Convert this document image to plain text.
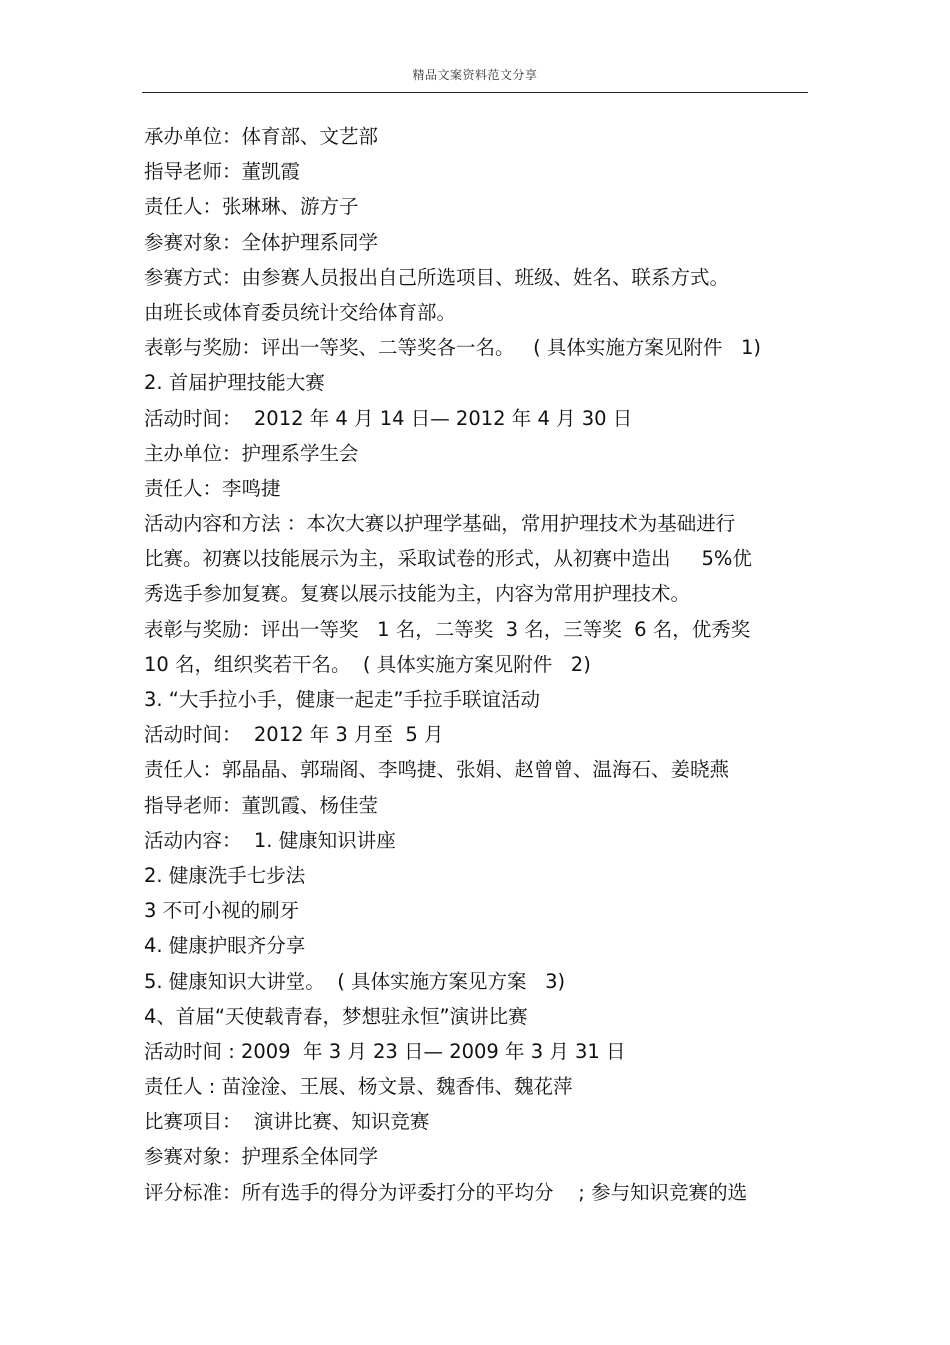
精品文案资料范文分享
承办单位：体育部、文艺部
指导老师：董凯霞
责任人：张琳琳、游方子
参赛对象：全体护理系同学
参赛方式：由参赛人员报出自己所选项目、班级、姓名、联系方式。
由班长或体育委员统计交给体育部。
表彰与奖励：评出一等奖、二等奖各一名。   ( 具体实施方案见附件   1)
2. 首届护理技能大赛
活动时间：  2012 年 4 月 14 日— 2012 年 4 月 30 日
主办单位：护理系学生会
责任人：李鸣捷
活动内容和方法 ：本次大赛以护理学基础，常用护理技术为基础进行
比赛。初赛以技能展示为主，采取试卷的形式，从初赛中造出     5%优
秀选手参加复赛。复赛以展示技能为主，内容为常用护理技术。
表彰与奖励：评出一等奖   1 名，二等奖  3 名，三等奖  6 名，优秀奖
10 名，组织奖若干名。  ( 具体实施方案见附件   2)
3. “大手拉小手，健康一起走”手拉手联谊活动
活动时间：  2012 年 3 月至  5 月
责任人：郭晶晶、郭瑞阁、李鸣捷、张娟、赵曾曾、温海石、姜晓燕
指导老师：董凯霞、杨佳莹
活动内容：  1. 健康知识讲座
2. 健康洗手七步法
3 不可小视的刷牙
4. 健康护眼齐分享
5. 健康知识大讲堂。  ( 具体实施方案见方案   3)
4、首届“天使载青春，梦想驻永恒”演讲比赛
活动时间 : 2009  年 3 月 23 日— 2009 年 3 月 31 日
责任人 : 苗淦淦、王展、杨文景、魏香伟、魏花萍
比赛项目：  演讲比赛、知识竞赛
参赛对象：护理系全体同学
评分标准：所有选手的得分为评委打分的平均分    ; 参与知识竞赛的选
